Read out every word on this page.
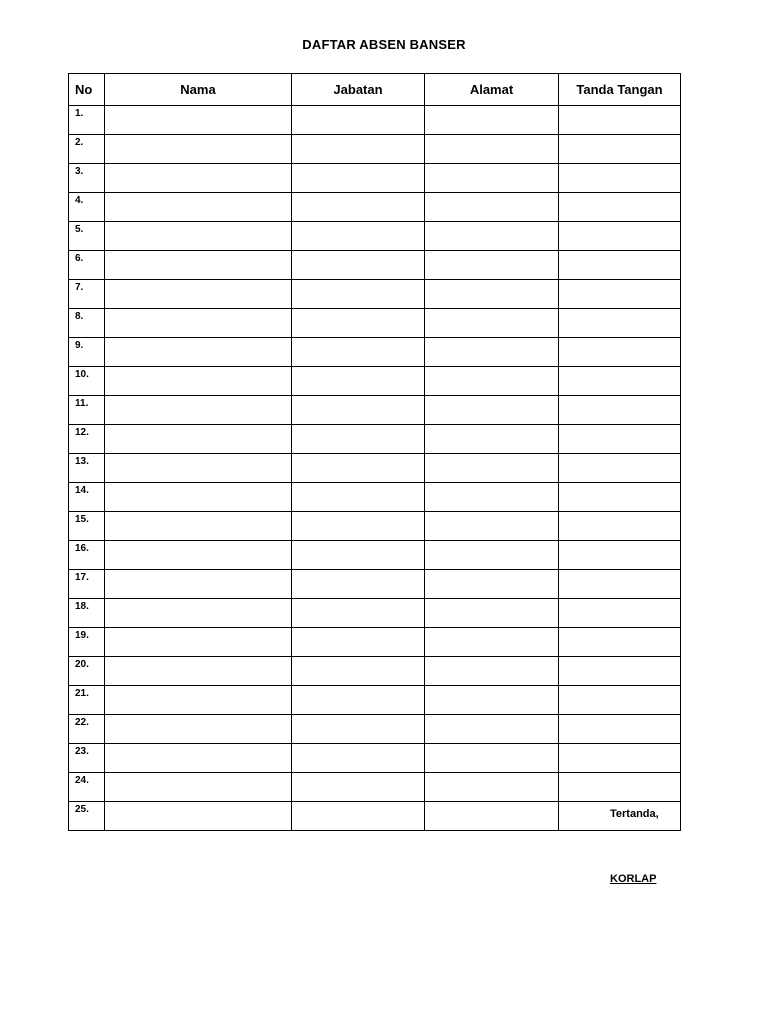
DAFTAR ABSEN BANSER
No	Nama	Jabatan	Alamat	Tanda Tangan
1.				
2.				
3.				
4.				
5.				
6.				
7.				
8.				
9.				
10.				
11.				
12.				
13.				
14.				
15.				
16.				
17.				
18.				
19.				
20.				
21.				
22.				
23.				
24.				
25.					Tertanda,
KORLAP
